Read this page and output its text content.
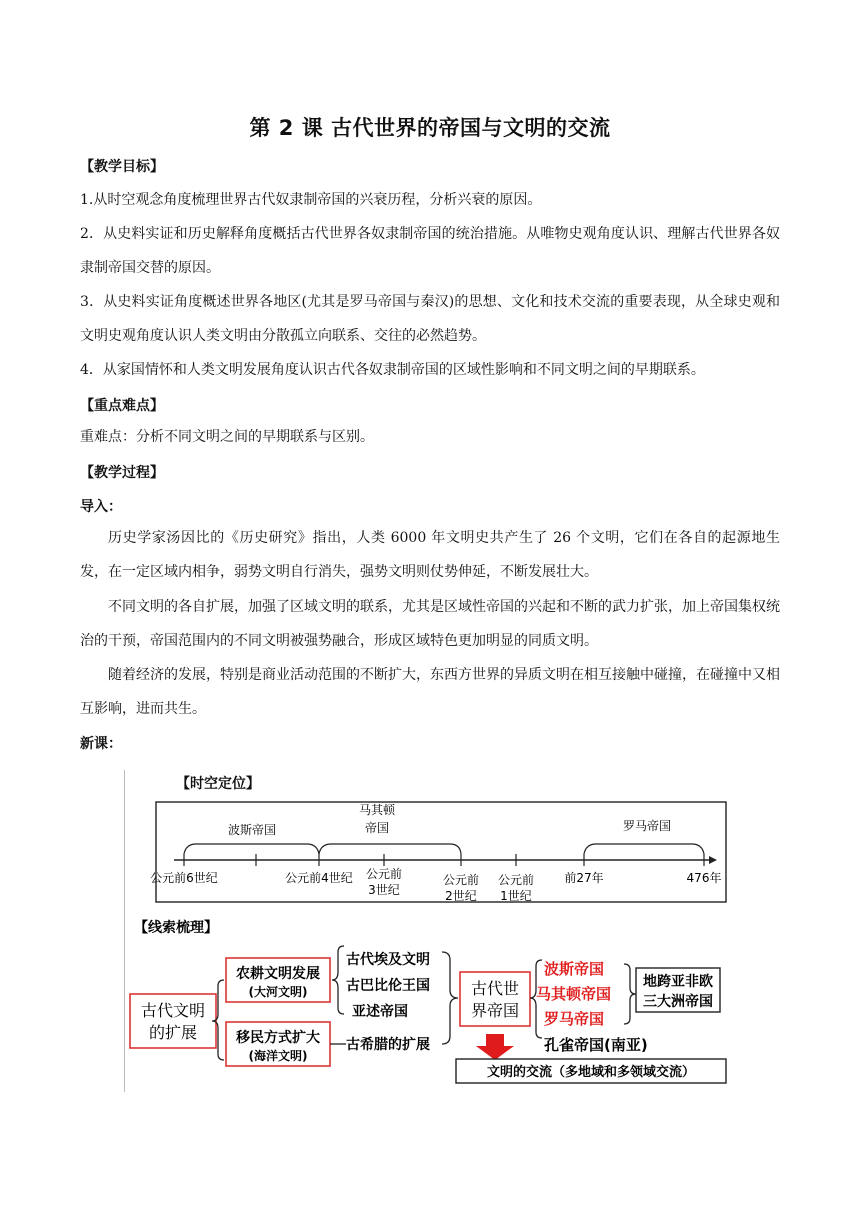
第 2 课 古代世界的帝国与文明的交流
【教学目标】
1.从时空观念角度梳理世界古代奴隶制帝国的兴衰历程，分析兴衰的原因。
2．从史料实证和历史解释角度概括古代世界各奴隶制帝国的统治措施。从唯物史观角度认识、理解古代世界各奴隶制帝国交替的原因。
3．从史料实证角度概述世界各地区(尤其是罗马帝国与秦汉)的思想、文化和技术交流的重要表现，从全球史观和文明史观角度认识人类文明由分散孤立向联系、交往的必然趋势。
4．从家国情怀和人类文明发展角度认识古代各奴隶制帝国的区域性影响和不同文明之间的早期联系。
【重点难点】
重难点：分析不同文明之间的早期联系与区别。
【教学过程】
导入：
历史学家汤因比的《历史研究》指出，人类 6000 年文明史共产生了 26 个文明，它们在各自的起源地生发，在一定区域内相争，弱势文明自行消失，强势文明则仗势伸延，不断发展壮大。
不同文明的各自扩展，加强了区域文明的联系，尤其是区域性帝国的兴起和不断的武力扩张，加上帝国集权统治的干预，帝国范围内的不同文明被强势融合，形成区域特色更加明显的同质文明。
随着经济的发展，特别是商业活动范围的不断扩大，东西方世界的异质文明在相互接触中碰撞，在碰撞中又相互影响，进而共生。
新课：
【时空定位】
波斯帝国
马其顿
帝国	罗马帝国
公元前6世纪	公元前4世纪 公元前
3世纪
公元前
2世纪
公元前
1世纪
前27年	476年
【线索梳理】
古代文明
的扩展
农耕文明发展
(大河文明)
移民方式扩大
(海洋文明)
古代埃及文明
古巴比伦王国
亚述帝国
古希腊的扩展
古代世
界帝国
波斯帝国
马其顿帝国
罗马帝国
孔雀帝国(南亚)
地跨亚非欧
三大洲帝国
文明的交流（多地域和多领域交流）
